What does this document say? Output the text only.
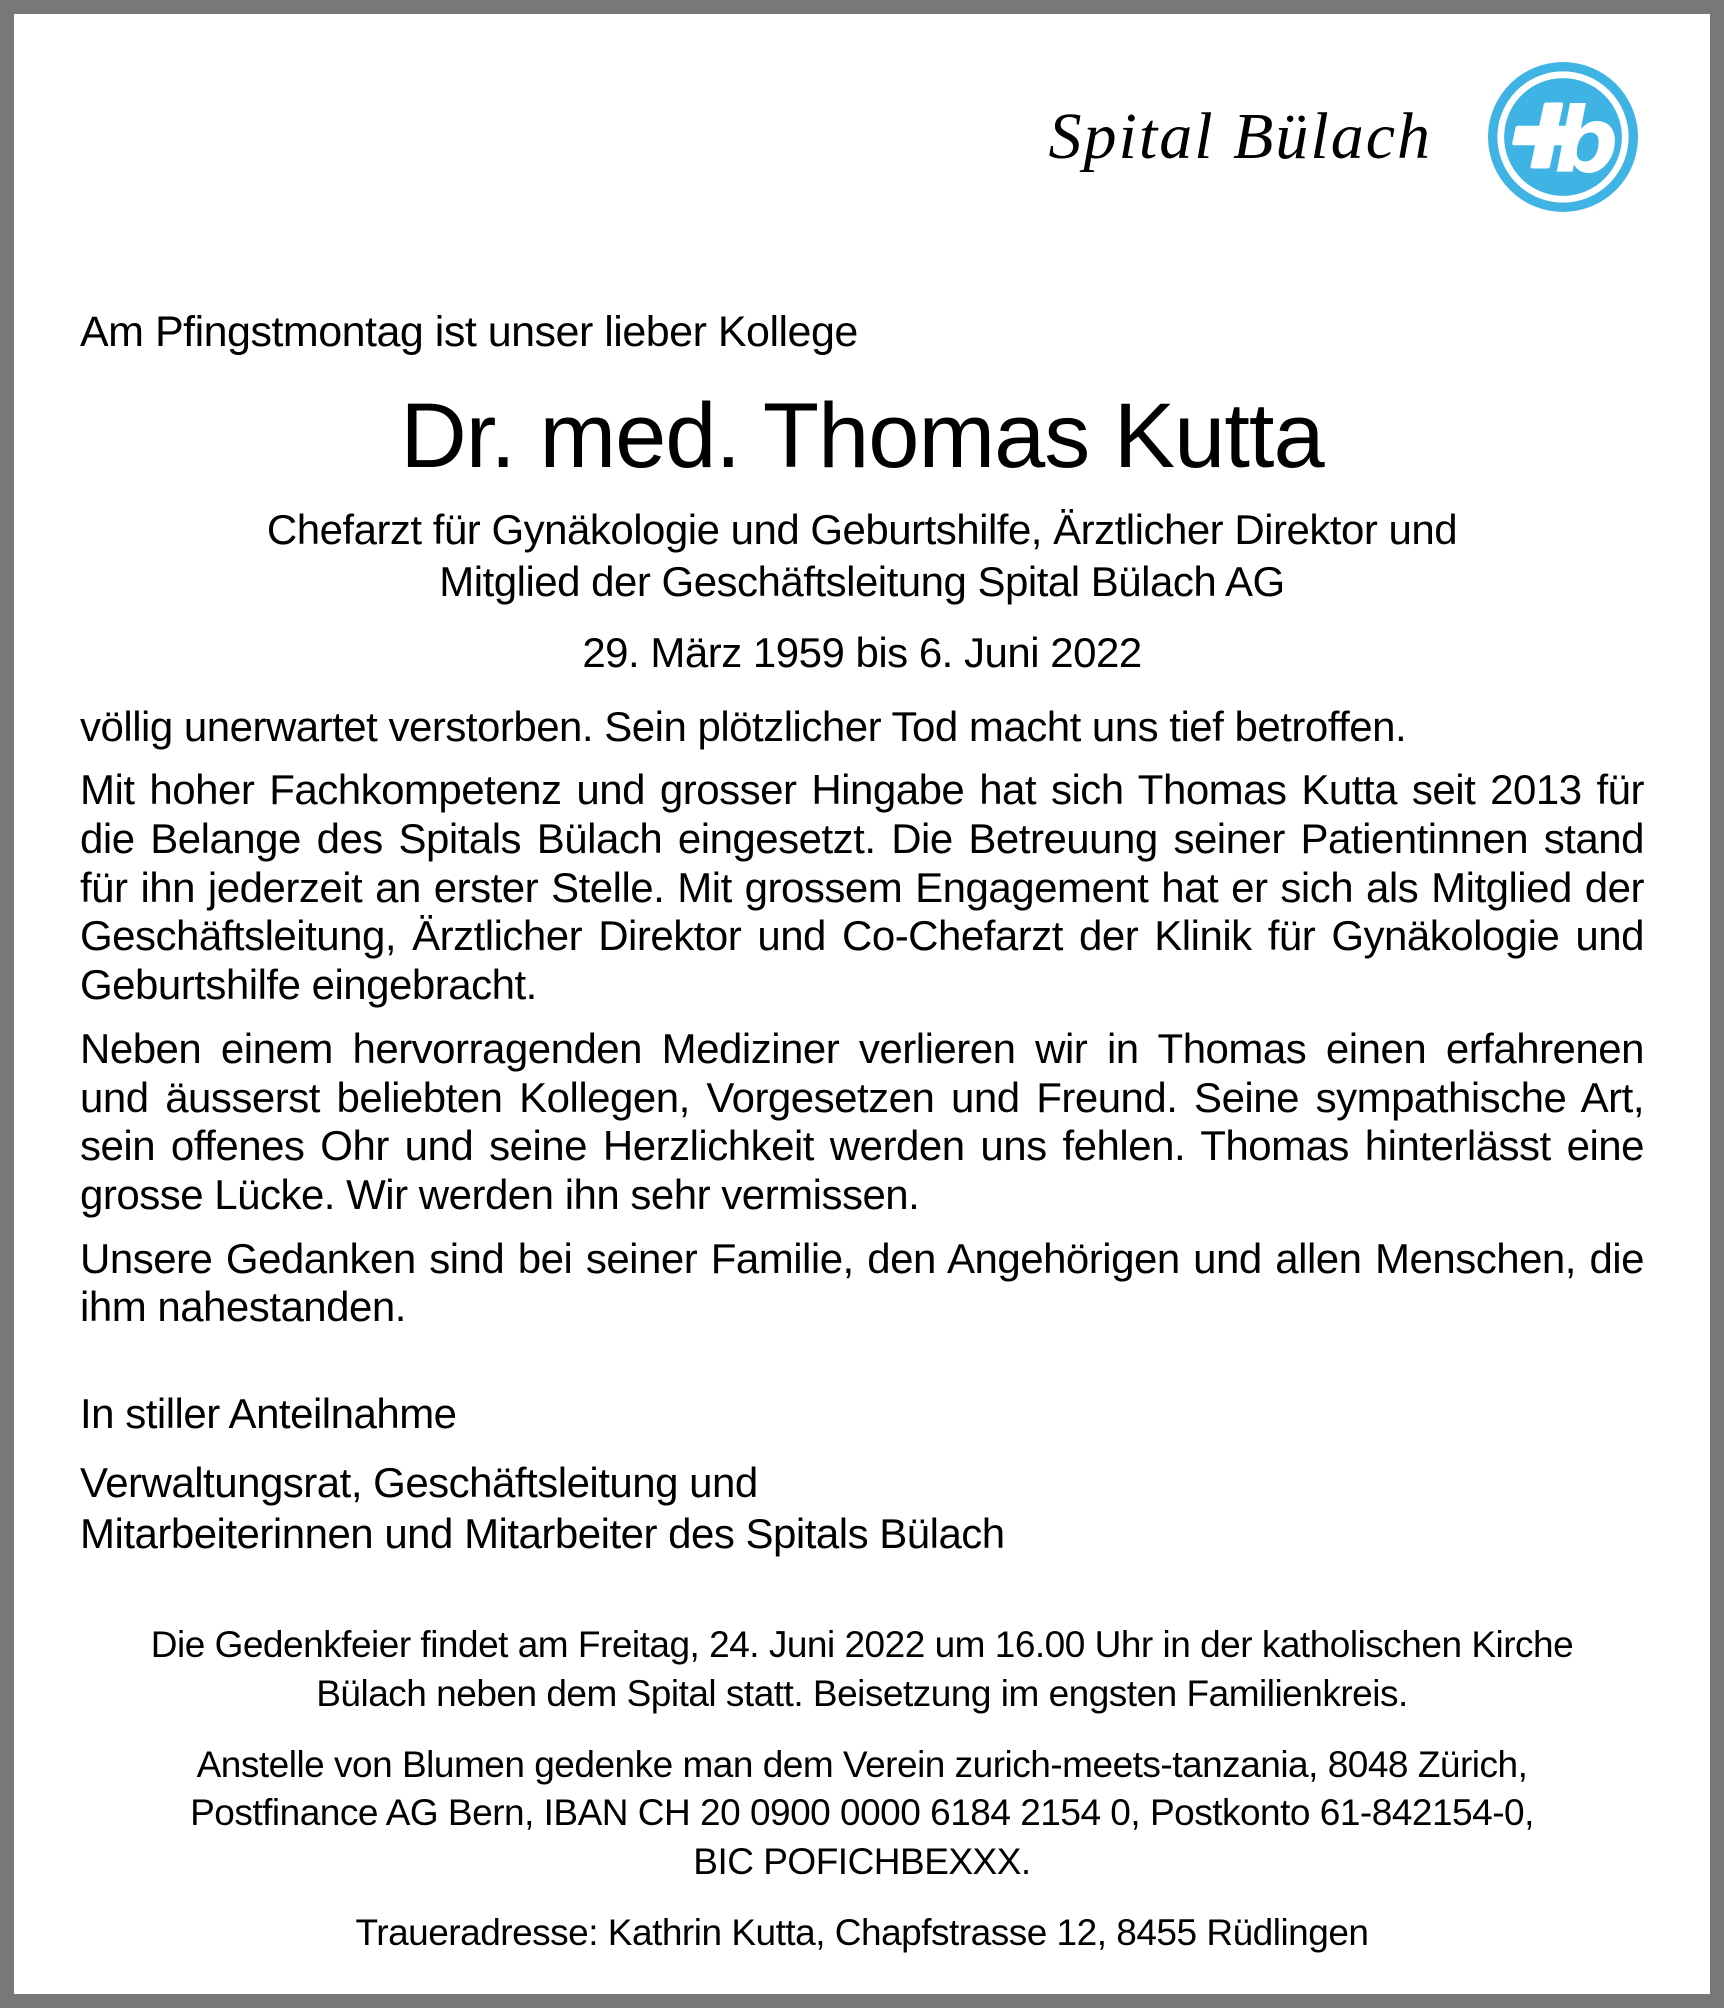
Spital Bülach b
Am Pfingstmontag ist unser lieber Kollege
Dr. med. Thomas Kutta
Chefarzt für Gynäkologie und Geburtshilfe, Ärztlicher Direktor und
Mitglied der Geschäftsleitung Spital Bülach AG
29. März 1959 bis 6. Juni 2022

völlig unerwartet verstorben. Sein plötzlicher Tod macht uns tief betroffen.

Mit hoher Fachkompetenz und grosser Hingabe hat sich Thomas Kutta seit 2013 für die Belange des Spitals Bülach eingesetzt. Die Betreuung seiner Patientinnen stand für ihn jederzeit an erster Stelle. Mit grossem Engagement hat er sich als Mitglied der Geschäftsleitung, Ärztlicher Direktor und Co-Chefarzt der Klinik für Gynäkologie und Geburtshilfe eingebracht.

Neben einem hervorragenden Mediziner verlieren wir in Thomas einen erfahrenen und äusserst beliebten Kollegen, Vorgesetzen und Freund. Seine sympathische Art, sein offenes Ohr und seine Herzlichkeit werden uns fehlen. Thomas hinterlässt eine grosse Lücke. Wir werden ihn sehr vermissen.

Unsere Gedanken sind bei seiner Familie, den Angehörigen und allen Menschen, die ihm nahestanden.

In stiller Anteilnahme
Verwaltungsrat, Geschäftsleitung und
Mitarbeiterinnen und Mitarbeiter des Spitals Bülach
Die Gedenkfeier findet am Freitag, 24. Juni 2022 um 16.00 Uhr in der katholischen Kirche
Bülach neben dem Spital statt. Beisetzung im engsten Familienkreis.
Anstelle von Blumen gedenke man dem Verein zurich-meets-tanzania, 8048 Zürich,
Postfinance AG Bern, IBAN CH 20 0900 0000 6184 2154 0, Postkonto 61-842154-0,
BIC POFICHBEXXX.
Traueradresse: Kathrin Kutta, Chapfstrasse 12, 8455 Rüdlingen
